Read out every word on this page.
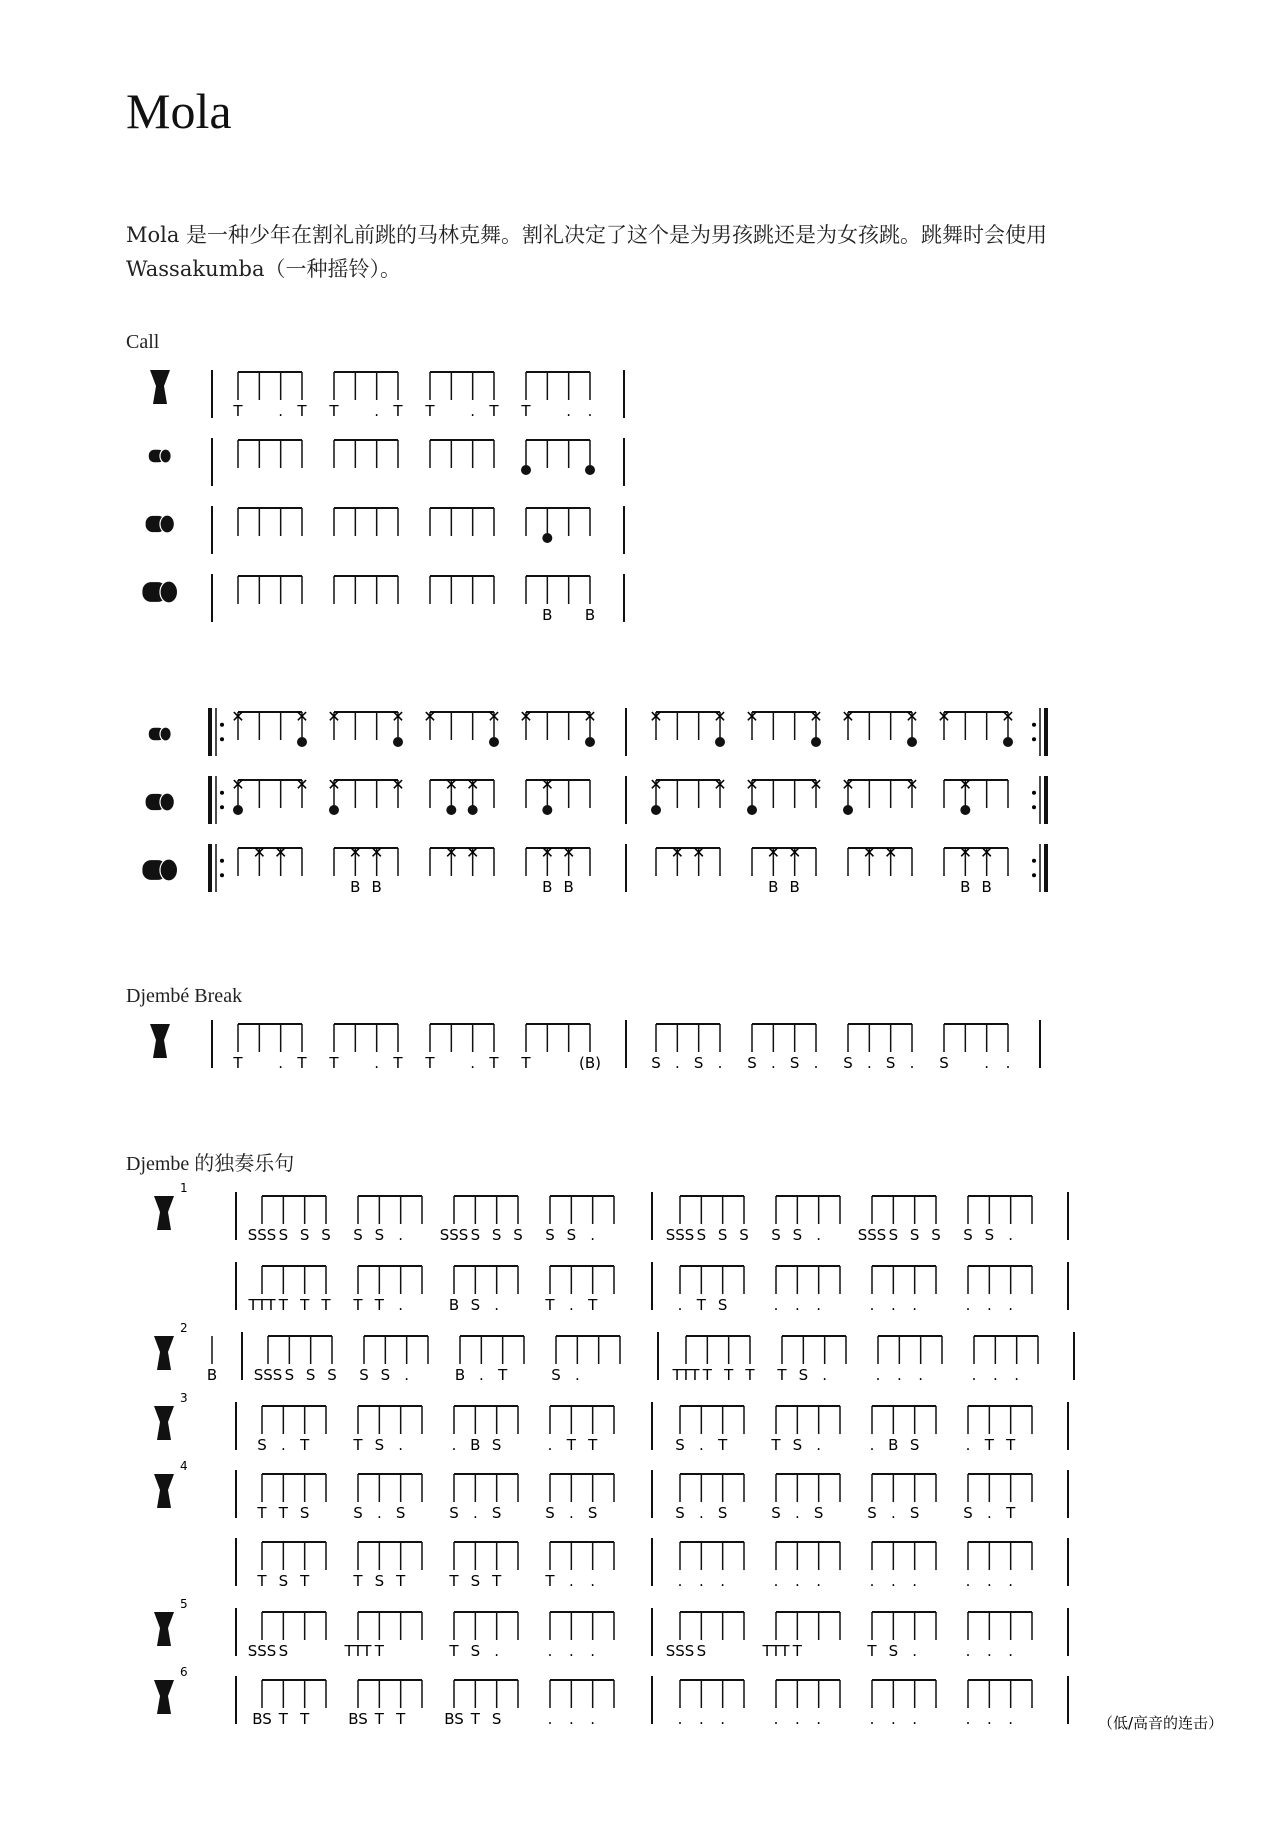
Mola
Mola 是一种少年在割礼前跳的马林克舞。割礼决定了这个是为男孩跳还是为女孩跳。跳舞时会使用 Wassakumba（一种摇铃）。
Call
Djembé Break
Djembe 的独奏乐句
T . T T . T T . T T . .
B B
✕	✕ ✕	✕ ✕	✕ ✕	✕	✕	✕ ✕	✕ ✕	✕ ✕	✕
✕	✕ ✕	✕ ✕ ✕	✕	✕	✕ ✕	✕ ✕	✕ ✕
✕ ✕	✕
B
✕
B
✕ ✕	✕
B
✕
B
✕ ✕	✕
B
✕
B
✕ ✕	✕
B
✕
B
T . T T . T T . T T	(B)	S . S . S . S . S . S . S . .
1
SSS S S S S S . SSS S S S S S .	SSS S S S S S . SSS S S S S S .
TTT T T T T T .	B S .	T . T	. T S	. . .	. . .	. . .
2
B SSS S S S S S .	B . T	S .	TTT T T T T S .	. . .	. . .
3
S . T	T S .	. B S	. T T	S . T	T S .	. B S	. T T
4
T T S	S . S	S . S	S . S	S . S	S . S	S . S	S . T
T S T	T S T	T S T	T . .	. . .	. . .	. . .	. . .
5
SSS S	TTT T	T S .	. . .	SSS S	TTT T	T S .	. . .
6
BS T T	BS T T	BS T S	. . .	. . .	. . .	. . .	. . .	（低/高音的连击）
